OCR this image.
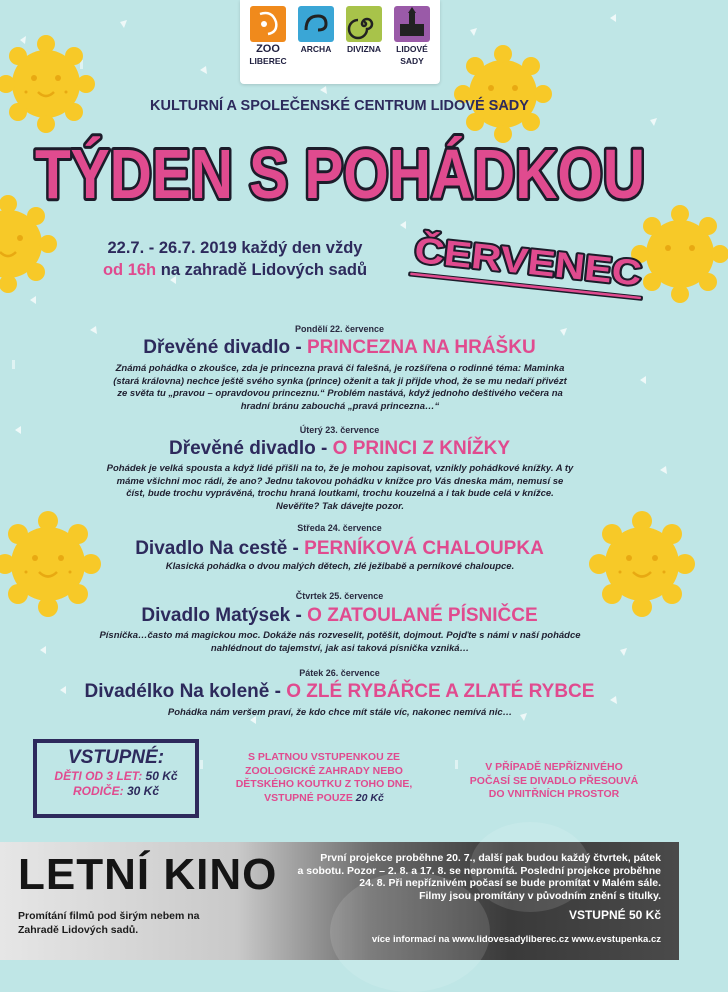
ZOO
LIBEREC
ARCHA	DIVIZNA	LIDOVÉ
SADY
KULTURNÍ A SPOLEČENSKÉ CENTRUM LIDOVÉ SADY
TÝDEN S POHÁDKOU
22.7. - 26.7. 2019 každý den vždy
od 16h na zahradě Lidových sadů	ČERVENEC
Pondělí 22. července
Dřevěné divadlo - PRINCEZNA NA HRÁŠKU
Známá pohádka o zkoušce, zda je princezna pravá či falešná, je rozšířena o rodinné téma: Maminka
(stará královna) nechce ještě svého synka (prince) oženit a tak ji přijde vhod, že se mu nedaří přivézt
ze světa tu „pravou – opravdovou princeznu.“ Problém nastává, když jednoho deštivého večera na
hradní bránu zabouchá „pravá princezna…“
Úterý 23. července
Dřevěné divadlo - O PRINCI Z KNÍŽKY
Pohádek je velká spousta a když lidé přišli na to, že je mohou zapisovat, vznikly pohádkové knížky. A ty
máme všichni moc rádi, že ano? Jednu takovou pohádku v knížce pro Vás dneska mám, nemusí se
číst, bude trochu vyprávěná, trochu hraná loutkami, trochu kouzelná a i tak bude celá v knížce.
Nevěříte? Tak dávejte pozor.
Středa 24. července
Divadlo Na cestě - PERNÍKOVÁ CHALOUPKA
Klasická pohádka o dvou malých dětech, zlé ježibabě a perníkové chaloupce.
Čtvrtek 25. července
Divadlo Matýsek - O ZATOULANÉ PÍSNIČCE
Písnička…často má magickou moc. Dokáže nás rozveselit, potěšit, dojmout. Pojďte s námi v naší pohádce
nahlédnout do tajemství, jak asi taková písnička vzniká…
Pátek 26. července
Divadélko Na koleně - O ZLÉ RYBÁŘCE A ZLATÉ RYBCE
Pohádka nám veršem praví, že kdo chce mít stále víc, nakonec nemívá nic…
VSTUPNÉ:
DĚTI OD 3 LET: 50 Kč
RODIČE: 30 Kč
S PLATNOU VSTUPENKOU ZE
ZOOLOGICKÉ ZAHRADY NEBO
DĚTSKÉHO KOUTKU Z TOHO DNE,
VSTUPNÉ POUZE 20 Kč
V PŘÍPADĚ NEPŘÍZNIVÉHO
POČASÍ SE DIVADLO PŘESOUVÁ
DO VNITŘNÍCH PROSTOR
LETNÍ KINO
Promítání filmů pod širým nebem na
Zahradě Lidových sadů.
První projekce proběhne 20. 7., další pak budou každý čtvrtek, pátek
a sobotu. Pozor – 2. 8. a 17. 8. se nepromítá. Poslední projekce proběhne
24. 8. Při nepříznivém počasí se bude promítat v Malém sále.
Filmy jsou promítány v původním znění s titulky.
VSTUPNÉ 50 Kč
více informací na www.lidovesadyliberec.cz www.evstupenka.cz
